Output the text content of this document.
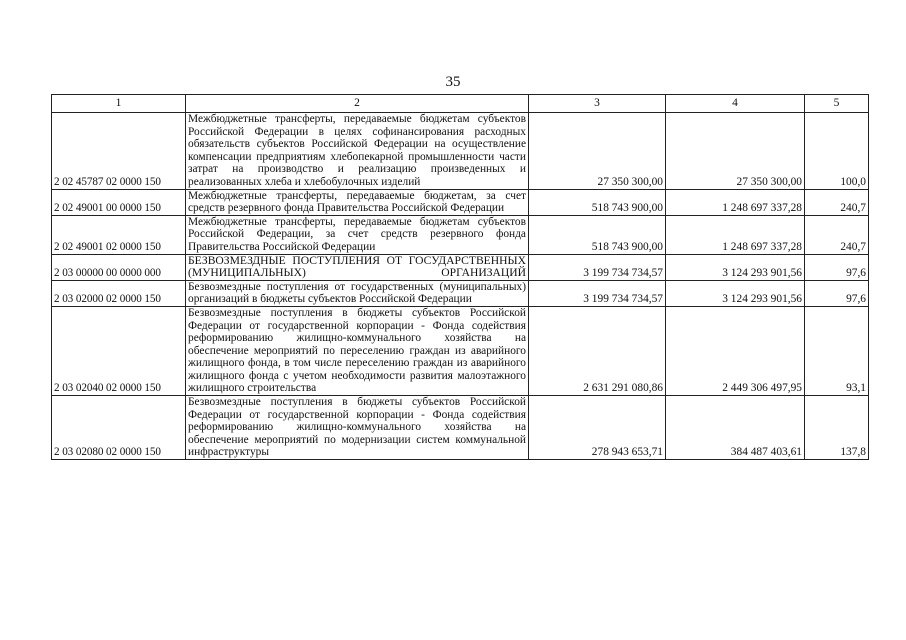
35
1	2	3	4	5
2 02 45787 02 0000 150	Межбюджетные трансферты, передаваемые бюджетам субъектов Российской Федерации в целях софинансирования расходных обязательств субъектов Российской Федерации на осуществление компенсации предприятиям хлебопекарной промышленности части затрат на производство и реализацию произведенных и реализованных хлеба и хлебобулочных изделий	27 350 300,00	27 350 300,00	100,0
2 02 49001 00 0000 150	Межбюджетные трансферты, передаваемые бюджетам, за счет средств резервного фонда Правительства Российской Федерации	518 743 900,00	1 248 697 337,28	240,7
2 02 49001 02 0000 150	Межбюджетные трансферты, передаваемые бюджетам субъектов Российской Федерации, за счет средств резервного фонда Правительства Российской Федерации	518 743 900,00	1 248 697 337,28	240,7
2 03 00000 00 0000 000	БЕЗВОЗМЕЗДНЫЕ ПОСТУПЛЕНИЯ ОТ ГОСУДАРСТВЕННЫХ (МУНИЦИПАЛЬНЫХ) ОРГАНИЗАЦИЙ	3 199 734 734,57	3 124 293 901,56	97,6
2 03 02000 02 0000 150	Безвозмездные поступления от государственных (муниципальных) организаций в бюджеты субъектов Российской Федерации	3 199 734 734,57	3 124 293 901,56	97,6
2 03 02040 02 0000 150	Безвозмездные поступления в бюджеты субъектов Российской Федерации от государственной корпорации - Фонда содействия реформированию жилищно-коммунального хозяйства на обеспечение мероприятий по переселению граждан из аварийного жилищного фонда, в том числе переселению граждан из аварийного жилищного фонда с учетом необходимости развития малоэтажного жилищного строительства	2 631 291 080,86	2 449 306 497,95	93,1
2 03 02080 02 0000 150	Безвозмездные поступления в бюджеты субъектов Российской Федерации от государственной корпорации - Фонда содействия реформированию жилищно-коммунального хозяйства на обеспечение мероприятий по модернизации систем коммунальной инфраструктуры	278 943 653,71	384 487 403,61	137,8
